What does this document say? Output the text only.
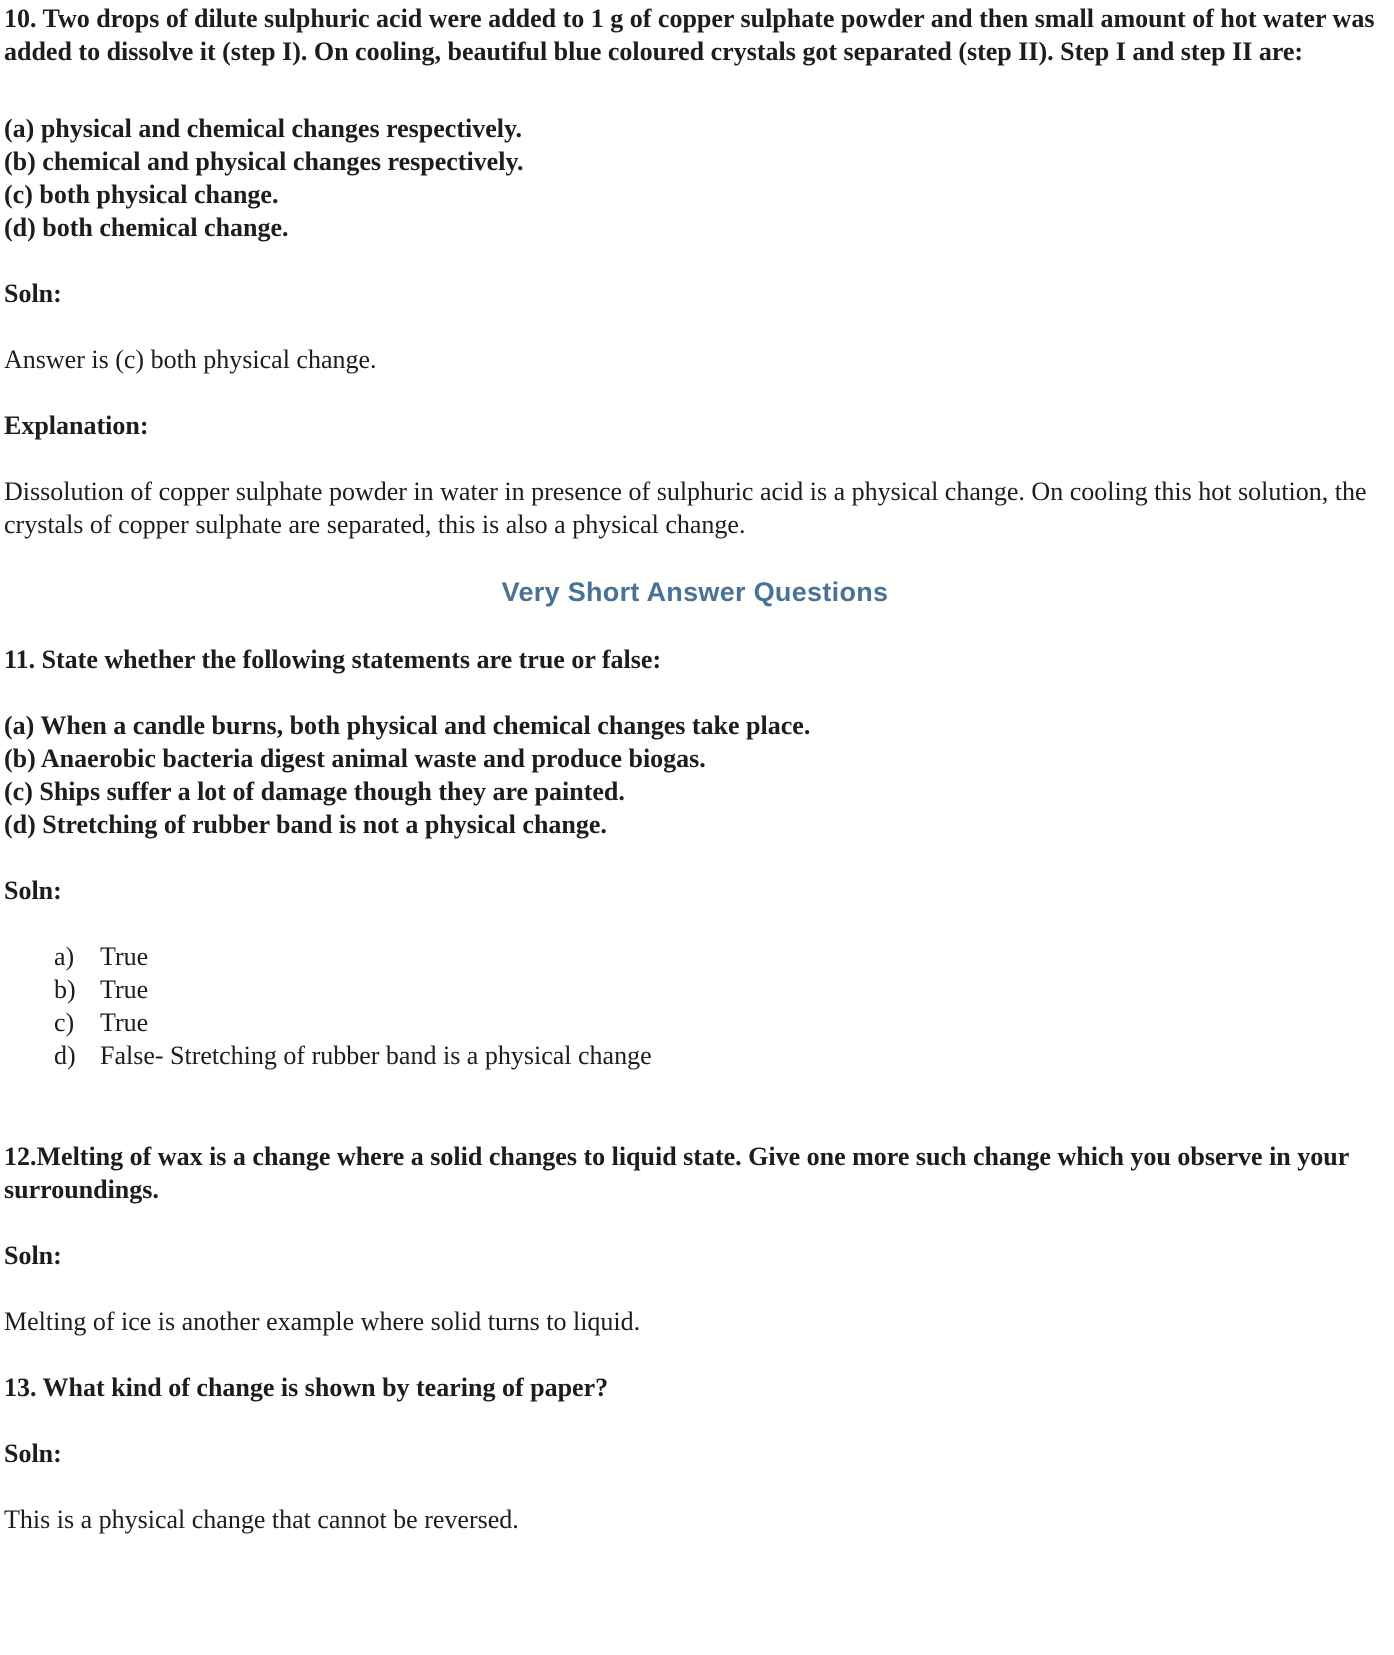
10. Two drops of dilute sulphuric acid were added to 1 g of copper sulphate powder and then small amount of hot water was added to dissolve it (step I). On cooling, beautiful blue coloured crystals got separated (step II). Step I and step II are:

(a) physical and chemical changes respectively.

(b) chemical and physical changes respectively.

(c) both physical change.

(d) both chemical change.

Soln:

Answer is (c) both physical change.

Explanation:

Dissolution of copper sulphate powder in water in presence of sulphuric acid is a physical change. On cooling this hot solution, the crystals of copper sulphate are separated, this is also a physical change.

Very Short Answer Questions

11. State whether the following statements are true or false:

(a) When a candle burns, both physical and chemical changes take place.

(b) Anaerobic bacteria digest animal waste and produce biogas.

(c) Ships suffer a lot of damage though they are painted.

(d) Stretching of rubber band is not a physical change.

Soln:

a) True
b) True
c) True
d) False- Stretching of rubber band is a physical change

12.Melting of wax is a change where a solid changes to liquid state. Give one more such change which you observe in your surroundings.

Soln:

Melting of ice is another example where solid turns to liquid.

13. What kind of change is shown by tearing of paper?

Soln:

This is a physical change that cannot be reversed.
